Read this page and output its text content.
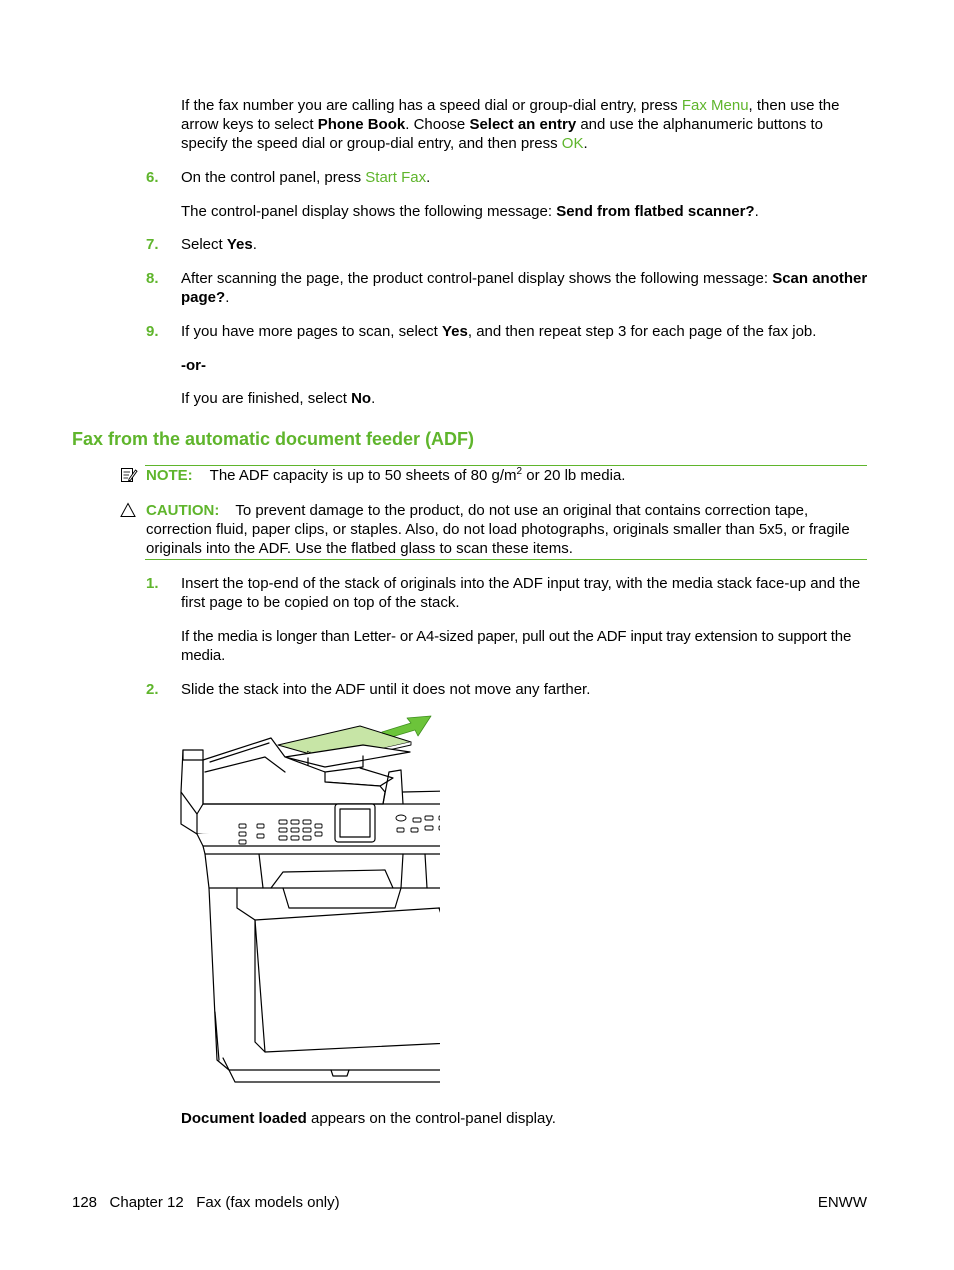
If the fax number you are calling has a speed dial or group-dial entry, press Fax Menu, then use the arrow keys to select Phone Book. Choose Select an entry and use the alphanumeric buttons to specify the speed dial or group-dial entry, and then press OK.
6. On the control panel, press Start Fax.
The control-panel display shows the following message: Send from flatbed scanner?.
7. Select Yes.
8. After scanning the page, the product control-panel display shows the following message: Scan another page?.
9. If you have more pages to scan, select Yes, and then repeat step 3 for each page of the fax job.
-or-
If you are finished, select No.
Fax from the automatic document feeder (ADF)
NOTE: The ADF capacity is up to 50 sheets of 80 $g/m^2$ or 20 lb media.
CAUTION: To prevent damage to the product, do not use an original that contains correction tape, correction fluid, paper clips, or staples. Also, do not load photographs, originals smaller than 5x5, or fragile originals into the ADF. Use the flatbed glass to scan these items.
1. Insert the top-end of the stack of originals into the ADF input tray, with the media stack face-up and the first page to be copied on top of the stack.
If the media is longer than Letter- or A4-sized paper, pull out the ADF input tray extension to support the media.
2. Slide the stack into the ADF until it does not move any farther.
Document loaded appears on the control-panel display.
128   Chapter 12   Fax (fax models only)	ENWW
